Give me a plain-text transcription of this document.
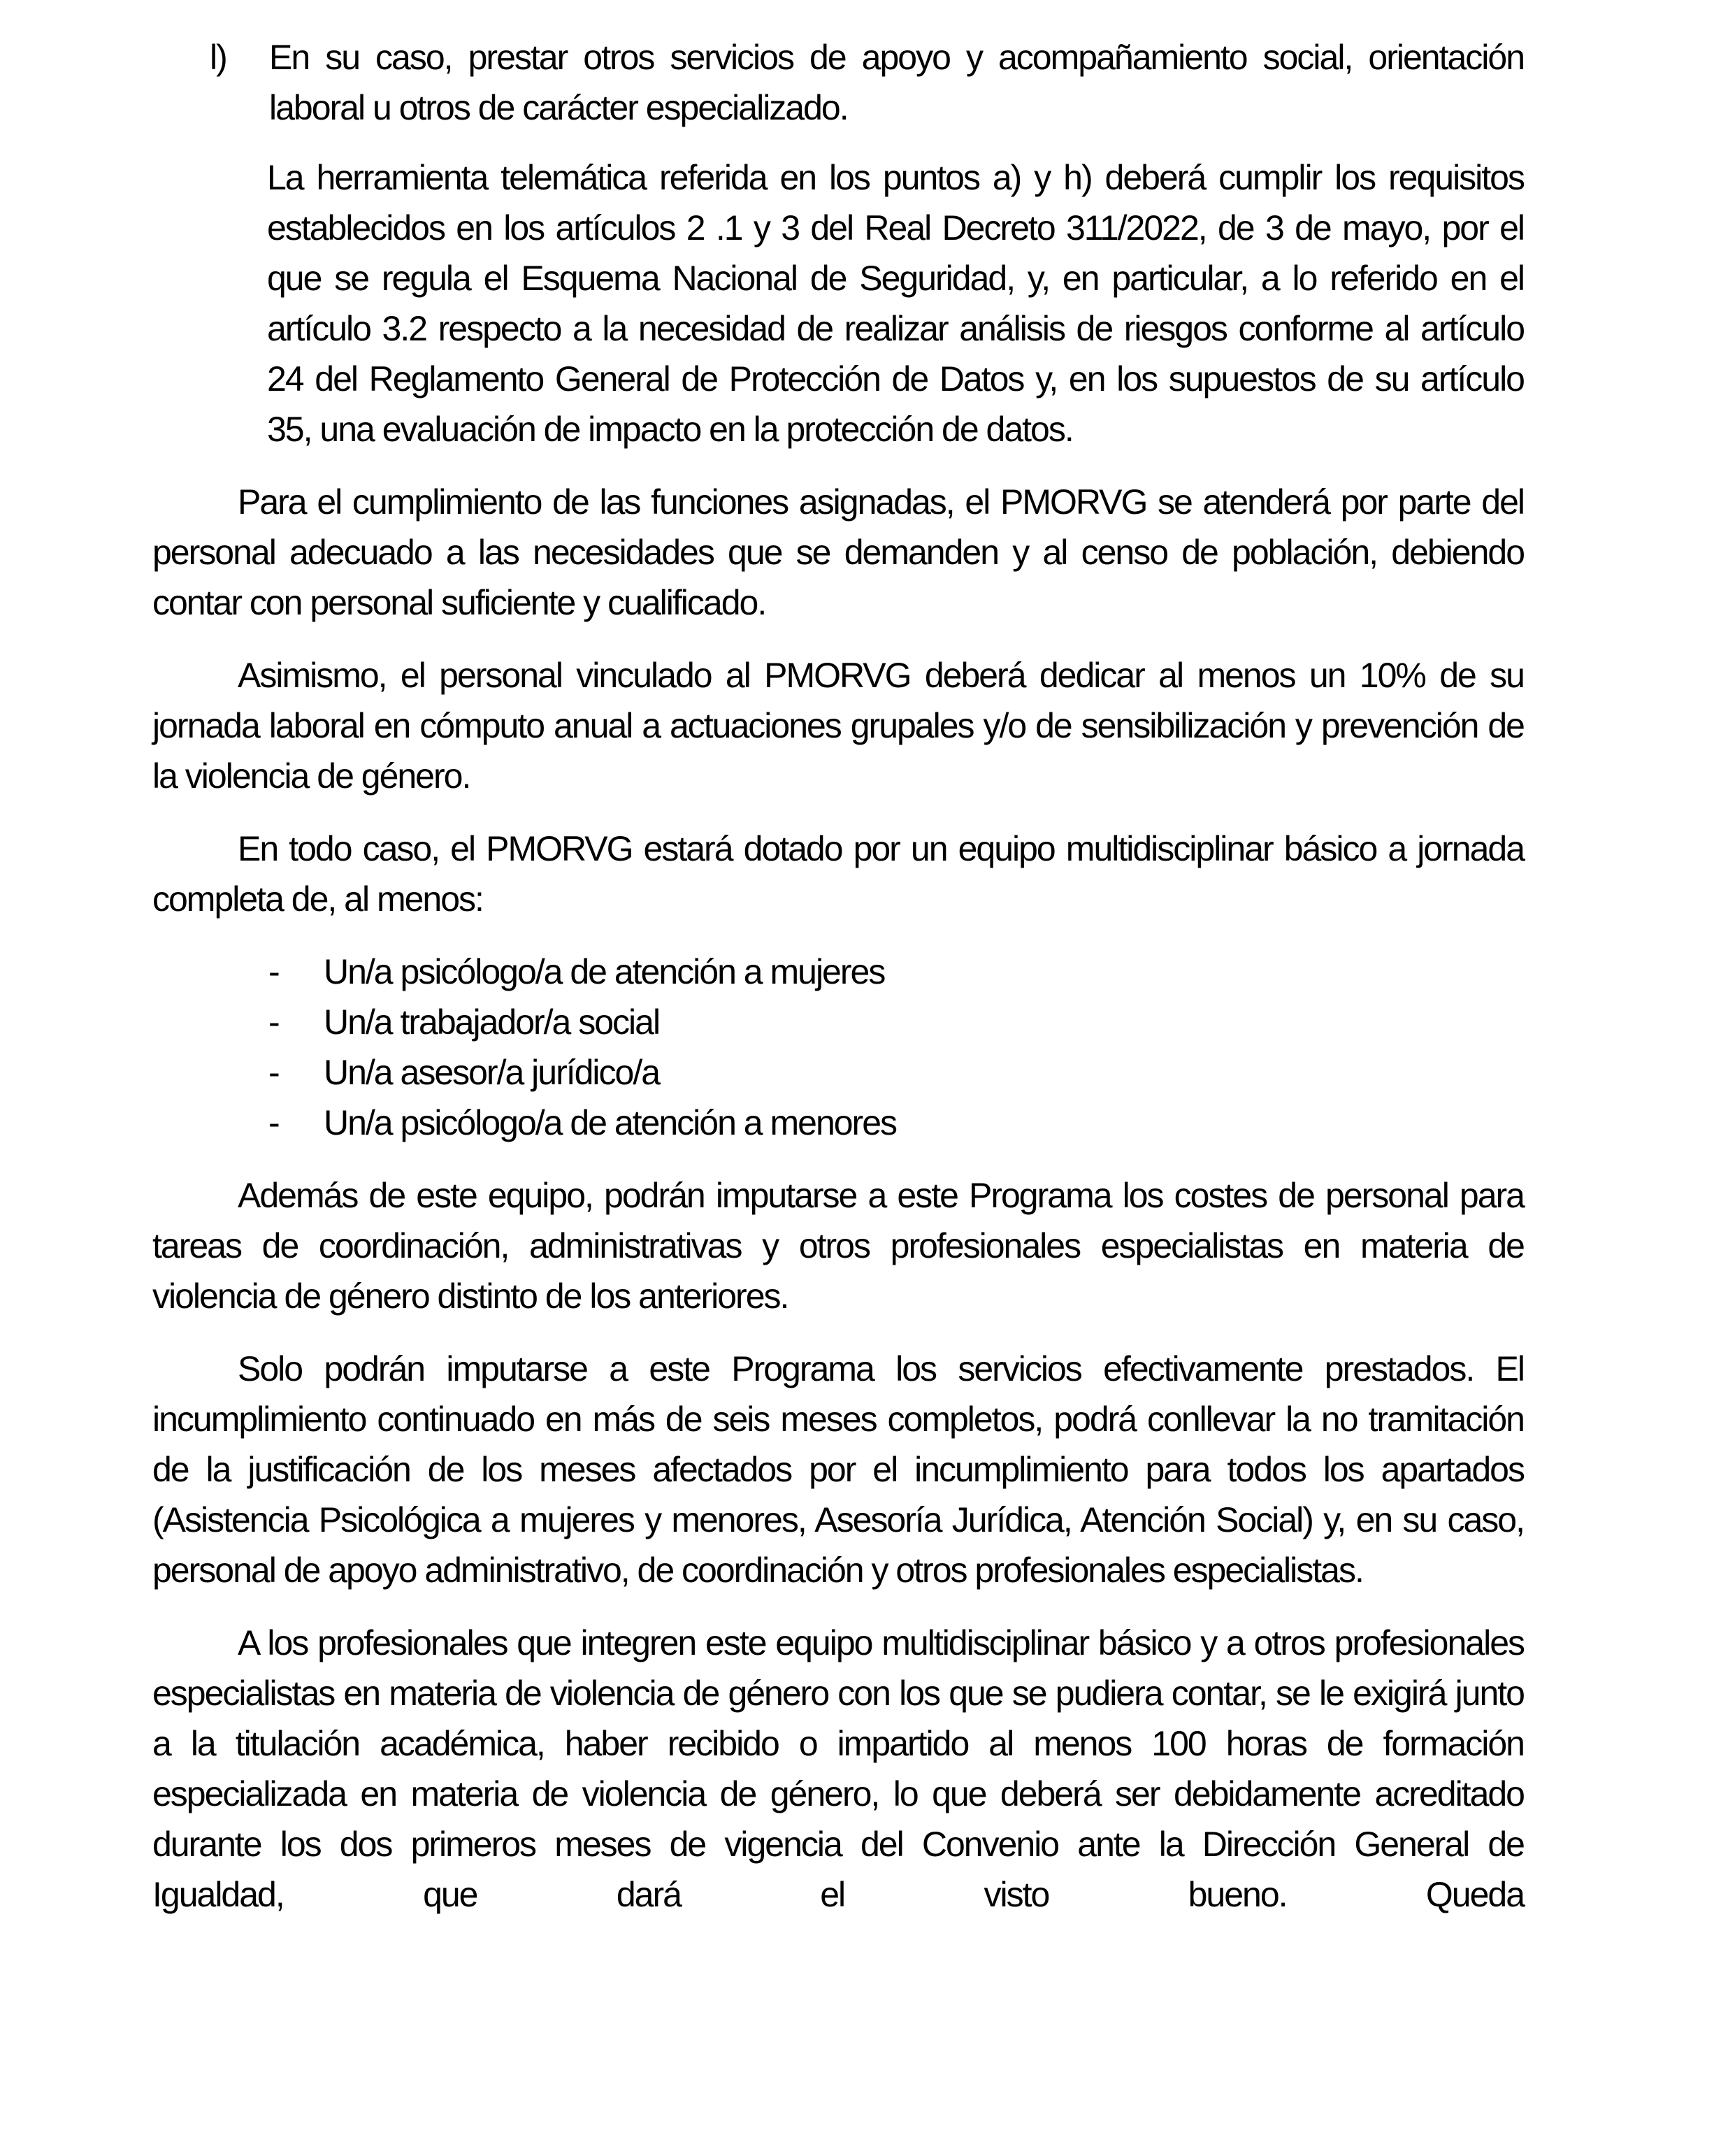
l) En su caso, prestar otros servicios de apoyo y acompañamiento social, orientación laboral u otros de carácter especializado.
La herramienta telemática referida en los puntos a) y h) deberá cumplir los requisitos establecidos en los artículos 2 .1 y 3 del Real Decreto 311/2022, de 3 de mayo, por el que se regula el Esquema Nacional de Seguridad, y, en particular, a lo referido en el artículo 3.2 respecto a la necesidad de realizar análisis de riesgos conforme al artículo 24 del Reglamento General de Protección de Datos y, en los supuestos de su artículo 35, una evaluación de impacto en la protección de datos.
Para el cumplimiento de las funciones asignadas, el PMORVG se atenderá por parte del personal adecuado a las necesidades que se demanden y al censo de población, debiendo contar con personal suficiente y cualificado.
Asimismo, el personal vinculado al PMORVG deberá dedicar al menos un 10% de su jornada laboral en cómputo anual a actuaciones grupales y/o de sensibilización y prevención de la violencia de género.
En todo caso, el PMORVG estará dotado por un equipo multidisciplinar básico a jornada completa de, al menos:
- Un/a psicólogo/a de atención a mujeres
- Un/a trabajador/a social
- Un/a asesor/a jurídico/a
- Un/a psicólogo/a de atención a menores
Además de este equipo, podrán imputarse a este Programa los costes de personal para tareas de coordinación, administrativas y otros profesionales especialistas en materia de violencia de género distinto de los anteriores.
Solo podrán imputarse a este Programa los servicios efectivamente prestados. El incumplimiento continuado en más de seis meses completos, podrá conllevar la no tramitación de la justificación de los meses afectados por el incumplimiento para todos los apartados (Asistencia Psicológica a mujeres y menores, Asesoría Jurídica, Atención Social) y, en su caso, personal de apoyo administrativo, de coordinación y otros profesionales especialistas.
A los profesionales que integren este equipo multidisciplinar básico y a otros profesionales especialistas en materia de violencia de género con los que se pudiera contar, se le exigirá junto a la titulación académica, haber recibido o impartido al menos 100 horas de formación especializada en materia de violencia de género, lo que deberá ser debidamente acreditado durante los dos primeros meses de vigencia del Convenio ante la Dirección General de Igualdad, que dará el visto bueno. Queda
